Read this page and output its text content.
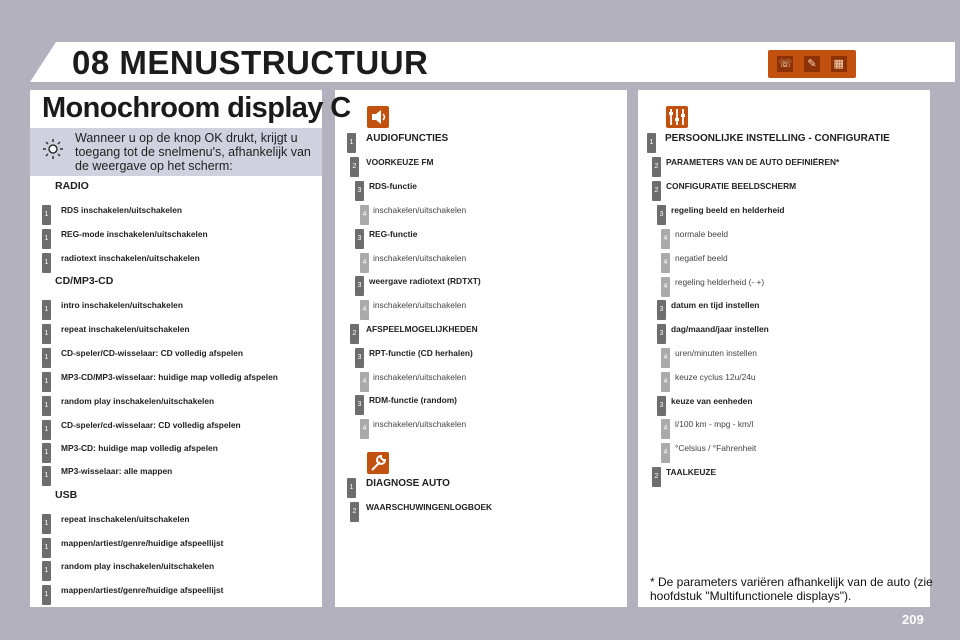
08 MENUSTRUCTUUR	☏	✎	▦
Monochroom display C
Wanneer u op de knop OK drukt, krijgt u toegang tot de snelmenu's, afhankelijk van de weergave op het scherm:
RADIO
1	RDS inschakelen/uitschakelen
1	REG-mode inschakelen/uitschakelen
1	radiotext inschakelen/uitschakelen
CD/MP3-CD
1	intro inschakelen/uitschakelen
1	repeat inschakelen/uitschakelen
1	CD-speler/CD-wisselaar: CD volledig afspelen
1	MP3-CD/MP3-wisselaar: huidige map volledig afspelen
1	random play inschakelen/uitschakelen
1	CD-speler/cd-wisselaar: CD volledig afspelen
1	MP3-CD: huidige map volledig afspelen
1	MP3-wisselaar: alle mappen
USB
1	repeat inschakelen/uitschakelen
1	mappen/artiest/genre/huidige afspeellijst
1	random play inschakelen/uitschakelen
1	mappen/artiest/genre/huidige afspeellijst
1 AUDIOFUNCTIES
2	VOORKEUZE FM
3 RDS-functie
4 inschakelen/uitschakelen
3 REG-functie
4 inschakelen/uitschakelen
3 weergave radiotext (RDTXT)
4 inschakelen/uitschakelen
2	AFSPEELMOGELIJKHEDEN
3 RPT-functie (CD herhalen)
4 inschakelen/uitschakelen
3 RDM-functie (random)
4 inschakelen/uitschakelen
1 DIAGNOSE AUTO
2	WAARSCHUWINGENLOGBOEK
1 PERSOONLIJKE INSTELLING - CONFIGURATIE
2 PARAMETERS VAN DE AUTO DEFINIËREN*
2 CONFIGURATIE BEELDSCHERM
3 regeling beeld en helderheid
4 normale beeld
4 negatief beeld
4 regeling helderheid (- +)
3 datum en tijd instellen
3 dag/maand/jaar instellen
4 uren/minuten instellen
4 keuze cyclus 12u/24u
3 keuze van eenheden
4 l/100 km - mpg - km/l
4 °Celsius / °Fahrenheit
2 TAALKEUZE
* De parameters variëren afhankelijk van de auto (zie hoofdstuk "Multifunctionele displays").
209
